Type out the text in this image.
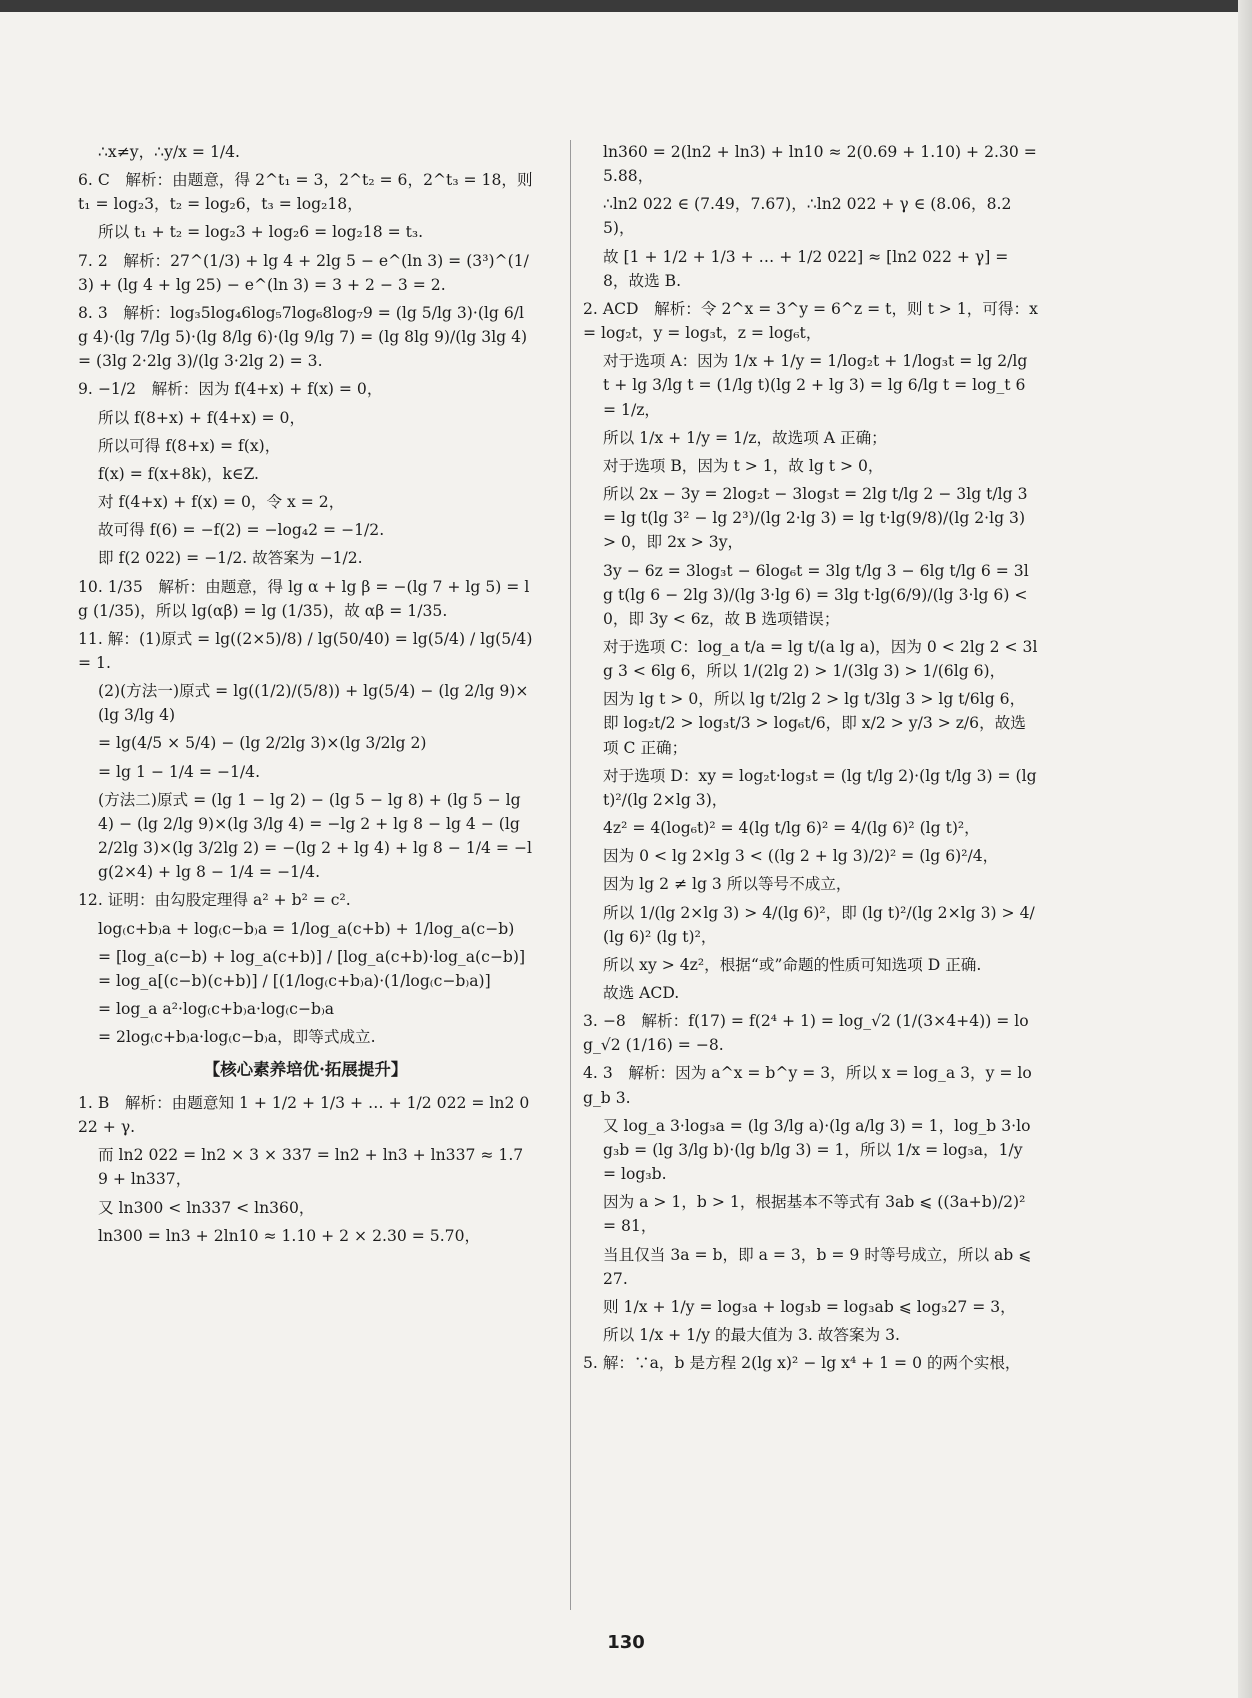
∴x≠y，∴y/x = 1/4.
6. C　解析：由题意，得 2^t₁ = 3，2^t₂ = 6，2^t₃ = 18，则 t₁ = log₂3，t₂ = log₂6，t₃ = log₂18，
所以 t₁ + t₂ = log₂3 + log₂6 = log₂18 = t₃.
7. 2　解析：27^(1/3) + lg 4 + 2lg 5 − e^(ln 3) = (3³)^(1/3) + (lg 4 + lg 25) − e^(ln 3) = 3 + 2 − 3 = 2.
8. 3　解析：log₃5log₄6log₅7log₆8log₇9 = (lg 5/lg 3)·(lg 6/lg 4)·(lg 7/lg 5)·(lg 8/lg 6)·(lg 9/lg 7) = (lg 8lg 9)/(lg 3lg 4) = (3lg 2·2lg 3)/(lg 3·2lg 2) = 3.
9. −1/2　解析：因为 f(4+x) + f(x) = 0，
所以 f(8+x) + f(4+x) = 0，
所以可得 f(8+x) = f(x)，
f(x) = f(x+8k)，k∈Z.
对 f(4+x) + f(x) = 0，令 x = 2，
故可得 f(6) = −f(2) = −log₄2 = −1/2.
即 f(2 022) = −1/2. 故答案为 −1/2.
10. 1/35　解析：由题意，得 lg α + lg β = −(lg 7 + lg 5) = lg (1/35)，所以 lg(αβ) = lg (1/35)，故 αβ = 1/35.
11. 解：(1)原式 = lg((2×5)/8) / lg(50/40) = lg(5/4) / lg(5/4) = 1.
(2)(方法一)原式 = lg((1/2)/(5/8)) + lg(5/4) − (lg 2/lg 9)×(lg 3/lg 4)
= lg(4/5 × 5/4) − (lg 2/2lg 3)×(lg 3/2lg 2)
= lg 1 − 1/4 = −1/4.
(方法二)原式 = (lg 1 − lg 2) − (lg 5 − lg 8) + (lg 5 − lg 4) − (lg 2/lg 9)×(lg 3/lg 4) = −lg 2 + lg 8 − lg 4 − (lg 2/2lg 3)×(lg 3/2lg 2) = −(lg 2 + lg 4) + lg 8 − 1/4 = −lg(2×4) + lg 8 − 1/4 = −1/4.
12. 证明：由勾股定理得 a² + b² = c².
log₍c+b₎a + log₍c−b₎a = 1/log_a(c+b) + 1/log_a(c−b)
= [log_a(c−b) + log_a(c+b)] / [log_a(c+b)·log_a(c−b)] = log_a[(c−b)(c+b)] / [(1/log₍c+b₎a)·(1/log₍c−b₎a)]
= log_a a²·log₍c+b₎a·log₍c−b₎a
= 2log₍c+b₎a·log₍c−b₎a，即等式成立.
【核心素养培优·拓展提升】
1. B　解析：由题意知 1 + 1/2 + 1/3 + … + 1/2 022 = ln2 022 + γ.
而 ln2 022 = ln2 × 3 × 337 = ln2 + ln3 + ln337 ≈ 1.79 + ln337，
又 ln300 < ln337 < ln360，
ln300 = ln3 + 2ln10 ≈ 1.10 + 2 × 2.30 = 5.70，
ln360 = 2(ln2 + ln3) + ln10 ≈ 2(0.69 + 1.10) + 2.30 = 5.88，
∴ln2 022 ∈ (7.49，7.67)，∴ln2 022 + γ ∈ (8.06，8.25)，
故 [1 + 1/2 + 1/3 + … + 1/2 022] ≈ [ln2 022 + γ] = 8，故选 B.
2. ACD　解析：令 2^x = 3^y = 6^z = t，则 t > 1，可得：x = log₂t，y = log₃t，z = log₆t，
对于选项 A：因为 1/x + 1/y = 1/log₂t + 1/log₃t = lg 2/lg t + lg 3/lg t = (1/lg t)(lg 2 + lg 3) = lg 6/lg t = log_t 6 = 1/z，
所以 1/x + 1/y = 1/z，故选项 A 正确；
对于选项 B，因为 t > 1，故 lg t > 0，
所以 2x − 3y = 2log₂t − 3log₃t = 2lg t/lg 2 − 3lg t/lg 3 = lg t(lg 3² − lg 2³)/(lg 2·lg 3) = lg t·lg(9/8)/(lg 2·lg 3) > 0，即 2x > 3y，
3y − 6z = 3log₃t − 6log₆t = 3lg t/lg 3 − 6lg t/lg 6 = 3lg t(lg 6 − 2lg 3)/(lg 3·lg 6) = 3lg t·lg(6/9)/(lg 3·lg 6) < 0，即 3y < 6z，故 B 选项错误；
对于选项 C：log_a t/a = lg t/(a lg a)，因为 0 < 2lg 2 < 3lg 3 < 6lg 6，所以 1/(2lg 2) > 1/(3lg 3) > 1/(6lg 6)，
因为 lg t > 0，所以 lg t/2lg 2 > lg t/3lg 3 > lg t/6lg 6，即 log₂t/2 > log₃t/3 > log₆t/6，即 x/2 > y/3 > z/6，故选项 C 正确；
对于选项 D：xy = log₂t·log₃t = (lg t/lg 2)·(lg t/lg 3) = (lg t)²/(lg 2×lg 3)，
4z² = 4(log₆t)² = 4(lg t/lg 6)² = 4/(lg 6)² (lg t)²，
因为 0 < lg 2×lg 3 < ((lg 2 + lg 3)/2)² = (lg 6)²/4，
因为 lg 2 ≠ lg 3 所以等号不成立，
所以 1/(lg 2×lg 3) > 4/(lg 6)²，即 (lg t)²/(lg 2×lg 3) > 4/(lg 6)² (lg t)²，
所以 xy > 4z²，根据“或”命题的性质可知选项 D 正确.
故选 ACD.
3. −8　解析：f(17) = f(2⁴ + 1) = log_√2 (1/(3×4+4)) = log_√2 (1/16) = −8.
4. 3　解析：因为 a^x = b^y = 3，所以 x = log_a 3，y = log_b 3.
又 log_a 3·log₃a = (lg 3/lg a)·(lg a/lg 3) = 1，log_b 3·log₃b = (lg 3/lg b)·(lg b/lg 3) = 1，所以 1/x = log₃a，1/y = log₃b.
因为 a > 1，b > 1，根据基本不等式有 3ab ⩽ ((3a+b)/2)² = 81，
当且仅当 3a = b，即 a = 3，b = 9 时等号成立，所以 ab ⩽ 27.
则 1/x + 1/y = log₃a + log₃b = log₃ab ⩽ log₃27 = 3，
所以 1/x + 1/y 的最大值为 3. 故答案为 3.
5. 解：∵a，b 是方程 2(lg x)² − lg x⁴ + 1 = 0 的两个实根，
130
